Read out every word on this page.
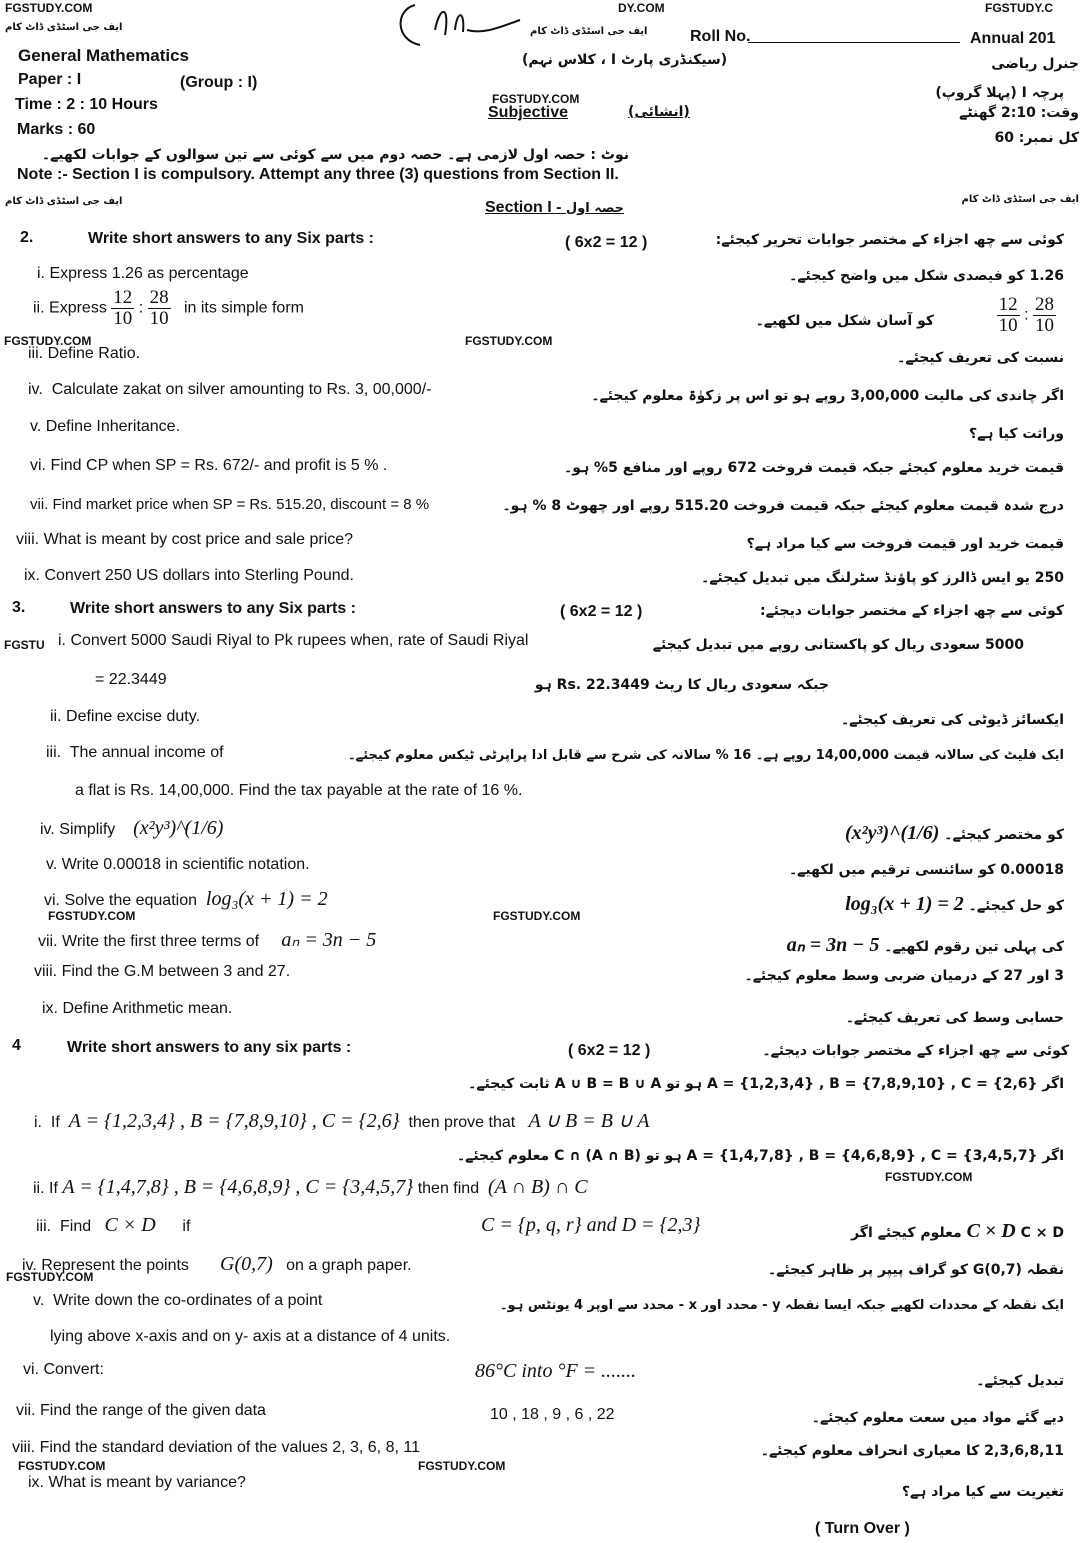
FGSTUDY.COM	DY.COM	FGSTUDY.C
ایف جی اسٹڈی ڈاٹ کام	ایف جی اسٹڈی ڈاٹ کام	Roll No.	Annual 201
General Mathematics	(سیکنڈری پارٹ I ، کلاس نہم)	جنرل ریاضی
Paper : I	(Group : I)
پرچہ I (پہلا گروپ)
Time : 2 : 10 Hours	FGSTUDY.COM
Subjective	(انشائی)	وقت: 2:10 گھنٹے
Marks : 60	کل نمبر: 60
نوٹ : حصہ اول لازمی ہے۔ حصہ دوم میں سے کوئی سے تین سوالوں کے جوابات لکھیے۔
Note :- Section I is compulsory. Attempt any three (3) questions from Section II.
ایف جی اسٹڈی ڈاٹ کام	ایف جی اسٹڈی ڈاٹ کام
Section I - حصہ اول
2.	Write short answers to any Six parts :	( 6x2 = 12 )	کوئی سے چھ اجزاء کے مختصر جوابات تحریر کیجئے:
i. Express 1.26 as percentage	1.26 کو فیصدی شکل میں واضح کیجئے۔
ii. Express $\frac{12}{10}$ : $\frac{28}{10}$ in its simple form
کو آسان شکل میں لکھیے۔	$\frac{12}{10}$ : $\frac{28}{10}$
FGSTUDY.COM	FGSTUDY.COM
iii. Define Ratio.	نسبت کی تعریف کیجئے۔
iv. Calculate zakat on silver amounting to Rs. 3, 00,000/-	اگر چاندی کی مالیت 3,00,000 روپے ہو تو اس پر زکوٰۃ معلوم کیجئے۔
v. Define Inheritance.	وراثت کیا ہے؟
vi. Find CP when SP = Rs. 672/- and profit is 5 % .	قیمت خرید معلوم کیجئے جبکہ قیمت فروخت 672 روپے اور منافع 5% ہو۔
vii. Find market price when SP = Rs. 515.20, discount = 8 %	درج شدہ قیمت معلوم کیجئے جبکہ قیمت فروخت 515.20 روپے اور چھوٹ 8 % ہو۔
viii. What is meant by cost price and sale price?	قیمت خرید اور قیمت فروخت سے کیا مراد ہے؟
ix. Convert 250 US dollars into Sterling Pound.	250 یو ایس ڈالرز کو پاؤنڈ سٹرلنگ میں تبدیل کیجئے۔
3.	Write short answers to any Six parts :	( 6x2 = 12 )	کوئی سے چھ اجزاء کے مختصر جوابات دیجئے:
FGSTU i. Convert 5000 Saudi Riyal to Pk rupees when, rate of Saudi Riyal
= 22.3449
5000 سعودی ریال کو پاکستانی روپے میں تبدیل کیجئے
جبکہ سعودی ریال کا ریٹ Rs. 22.3449 ہو
ii. Define excise duty.	ایکسائز ڈیوٹی کی تعریف کیجئے۔
iii. The annual income of	ایک فلیٹ کی سالانہ قیمت 14,00,000 روپے ہے۔ 16 % سالانہ کی شرح سے قابل ادا پراپرٹی ٹیکس معلوم کیجئے۔
a flat is Rs. 14,00,000. Find the tax payable at the rate of 16 %.
iv. Simplify (x²y³)^(1/6)	کو مختصر کیجئے۔ (x²y³)^(1/6)
v. Write 0.00018 in scientific notation.	0.00018 کو سائنسی ترقیم میں لکھیے۔
vi. Solve the equation log₃(x + 1) = 2	کو حل کیجئے۔ log₃(x + 1) = 2
FGSTUDY.COM	FGSTUDY.COM
vii. Write the first three terms of aₙ = 3n − 5	کی پہلی تین رقوم لکھیے۔ aₙ = 3n − 5
viii. Find the G.M between 3 and 27.	3 اور 27 کے درمیان ضربی وسط معلوم کیجئے۔
ix. Define Arithmetic mean.
حسابی وسط کی تعریف کیجئے۔
4	Write short answers to any six parts :	( 6x2 = 12 )	کوئی سے چھ اجزاء کے مختصر جوابات دیجئے۔
اگر A = {1,2,3,4} , B = {7,8,9,10} , C = {2,6} ہو تو A ∪ B = B ∪ A ثابت کیجئے۔
i. If A = {1,2,3,4} , B = {7,8,9,10} , C = {2,6} then prove that A ∪ B = B ∪ A
اگر A = {1,4,7,8} , B = {4,6,8,9} , C = {3,4,5,7} ہو تو (A ∩ B) ∩ C معلوم کیجئے۔
ii. If A = {1,4,7,8} , B = {4,6,8,9} , C = {3,4,5,7} then find (A ∩ B) ∩ C	FGSTUDY.COM
iii. Find C × D if	C = {p, q, r} and D = {2,3}	C × D C × D معلوم کیجئے اگر
iv. Represent the points G(0,7) on a graph paper.
FGSTUDY.COM	نقطہ G(0,7) کو گراف پیپر پر ظاہر کیجئے۔
v. Write down the co-ordinates of a point
lying above x-axis and on y- axis at a distance of 4 units.
ایک نقطہ کے محددات لکھیے جبکہ ایسا نقطہ y - محدد اور x - محدد سے اوپر 4 یونٹس ہو۔
vi. Convert:	86°C into °F = .......	تبدیل کیجئے۔
vii. Find the range of the given data	10 , 18 , 9 , 6 , 22	دیے گئے مواد میں سعت معلوم کیجئے۔
viii. Find the standard deviation of the values 2, 3, 6, 8, 11	2,3,6,8,11 کا معیاری انحراف معلوم کیجئے۔
FGSTUDY.COM	FGSTUDY.COM
ix. What is meant by variance?
تغیریت سے کیا مراد ہے؟
( Turn Over )
